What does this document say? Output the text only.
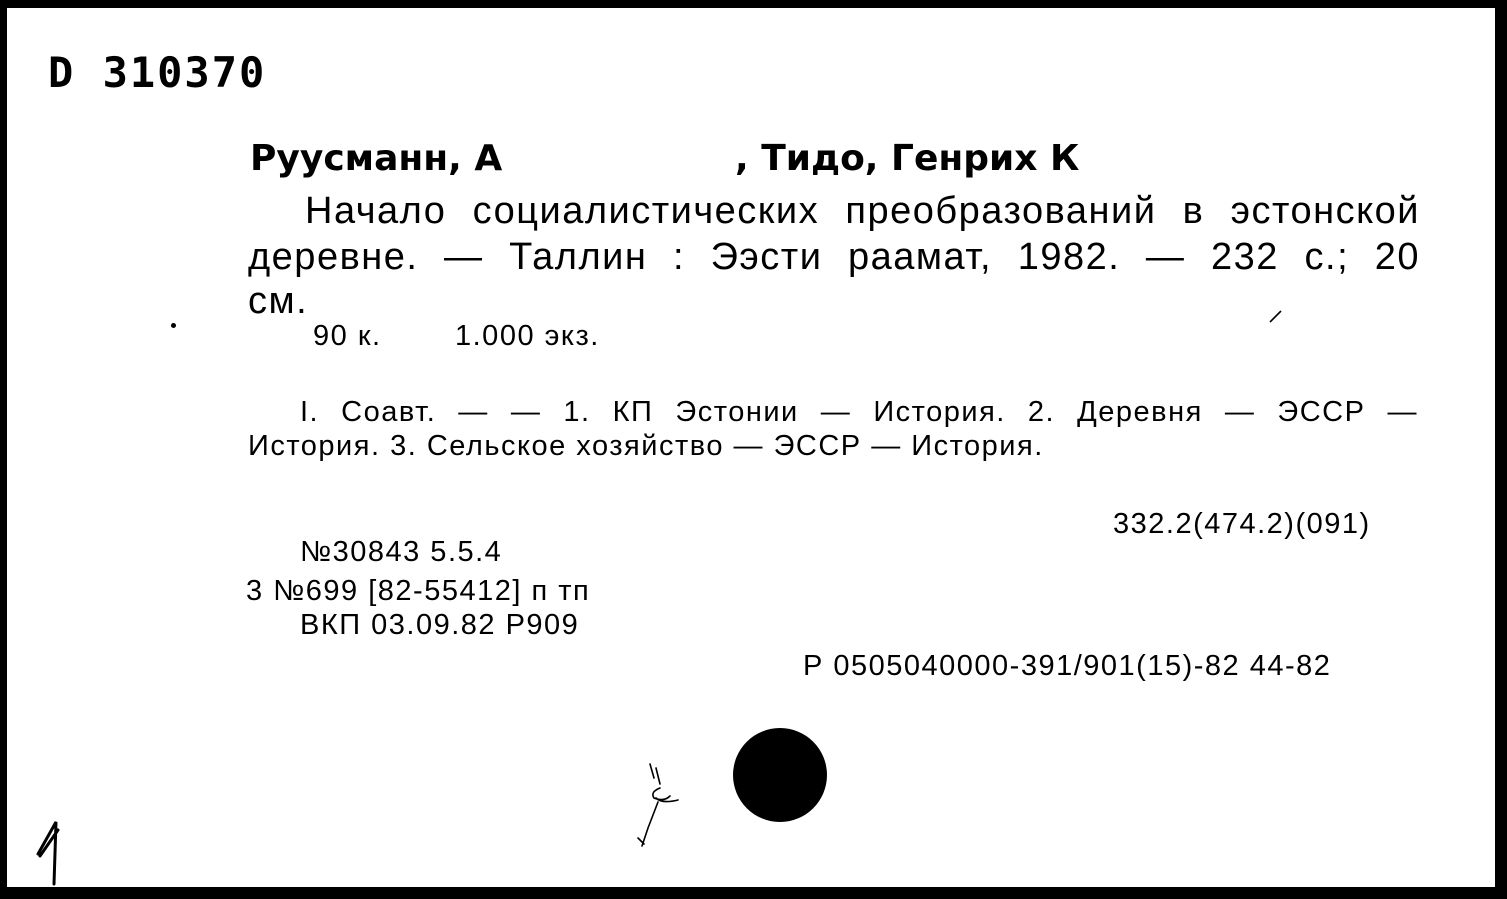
D 310370
Руусманн, А	, Тидо, Генрих К
Начало социалистических преобразований в эстонской
деревне. — Таллин : Ээсти раамат, 1982. — 232 с.; 20
см.
90 к.	1.000 экз.
I. Соавт. — — 1. КП Эстонии — История. 2. Деревня — ЭССР —
История. 3. Сельское хозяйство — ЭССР — История.
332.2(474.2)(091)
№30843 5.5.4
3 №699 [82-55412] п тп
ВКП 03.09.82 Р909
Р 0505040000-391/901(15)-82 44-82
